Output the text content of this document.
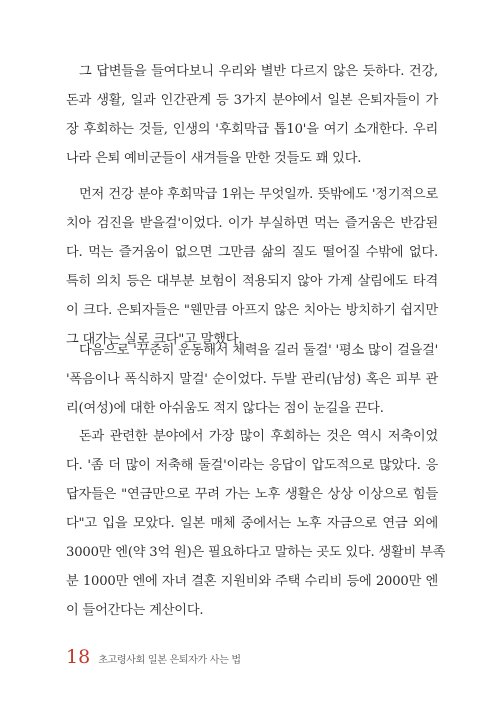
그 답변들을 들여다보니 우리와 별반 다르지 않은 듯하다. 건강,
돈과 생활, 일과 인간관계 등 3가지 분야에서 일본 은퇴자들이 가
장 후회하는 것들, 인생의 '후회막급 톱10'을 여기 소개한다. 우리
나라 은퇴 예비군들이 새겨들을 만한 것들도 꽤 있다.
먼저 건강 분야 후회막급 1위는 무엇일까. 뜻밖에도 '정기적으로
치아 검진을 받을걸'이었다. 이가 부실하면 먹는 즐거움은 반감된
다. 먹는 즐거움이 없으면 그만큼 삶의 질도 떨어질 수밖에 없다.
특히 의치 등은 대부분 보험이 적용되지 않아 가계 살림에도 타격
이 크다. 은퇴자들은 "웬만큼 아프지 않은 치아는 방치하기 쉽지만
그 대가는 실로 크다"고 말했다.
다음으로 '꾸준히 운동해서 체력을 길러 둘걸' '평소 많이 걸을걸'
'폭음이나 폭식하지 말걸' 순이었다. 두발 관리(남성) 혹은 피부 관
리(여성)에 대한 아쉬움도 적지 않다는 점이 눈길을 끈다.
돈과 관련한 분야에서 가장 많이 후회하는 것은 역시 저축이었
다. '좀 더 많이 저축해 둘걸'이라는 응답이 압도적으로 많았다. 응
답자들은 "연금만으로 꾸려 가는 노후 생활은 상상 이상으로 힘들
다"고 입을 모았다. 일본 매체 중에서는 노후 자금으로 연금 외에
3000만 엔(약 3억 원)은 필요하다고 말하는 곳도 있다. 생활비 부족
분 1000만 엔에 자녀 결혼 지원비와 주택 수리비 등에 2000만 엔
이 들어간다는 계산이다.
18 초고령사회 일본 은퇴자가 사는 법
